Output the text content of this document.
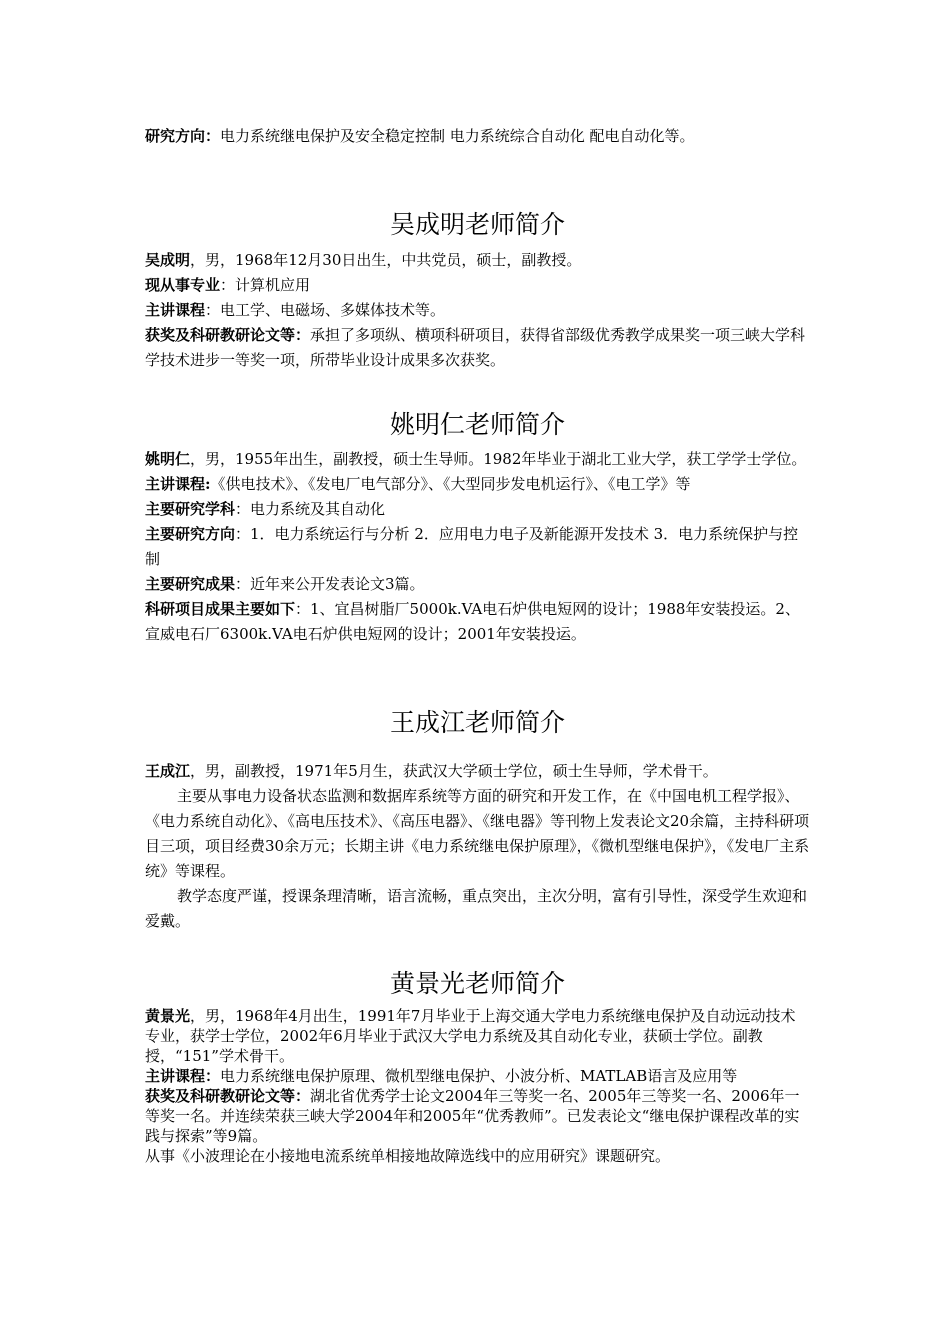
研究方向：电力系统继电保护及安全稳定控制 电力系统综合自动化 配电自动化等。

吴成明老师简介

吴成明，男，1968年12月30日出生，中共党员，硕士，副教授。

现从事专业：计算机应用

主讲课程：电工学、电磁场、多媒体技术等。

获奖及科研教研论文等：承担了多项纵、横项科研项目，获得省部级优秀教学成果奖一项三峡大学科学技术进步一等奖一项，所带毕业设计成果多次获奖。

姚明仁老师简介

姚明仁，男，1955年出生，副教授，硕士生导师。1982年毕业于湖北工业大学，获工学学士学位。

主讲课程:《供电技术》、《发电厂电气部分》、《大型同步发电机运行》、《电工学》等

主要研究学科：电力系统及其自动化

主要研究方向：1．电力系统运行与分析 2．应用电力电子及新能源开发技术 3．电力系统保护与控制

主要研究成果：近年来公开发表论文3篇。

科研项目成果主要如下：1、宜昌树脂厂5000k.VA电石炉供电短网的设计；1988年安装投运。2、宣威电石厂6300k.VA电石炉供电短网的设计；2001年安装投运。

王成江老师简介

王成江，男，副教授，1971年5月生，获武汉大学硕士学位，硕士生导师，学术骨干。

主要从事电力设备状态监测和数据库系统等方面的研究和开发工作，在《中国电机工程学报》、《电力系统自动化》、《高电压技术》、《高压电器》、《继电器》等刊物上发表论文20余篇，主持科研项目三项，项目经费30余万元；长期主讲《电力系统继电保护原理》，《微机型继电保护》，《发电厂主系统》等课程。

教学态度严谨，授课条理清晰，语言流畅，重点突出，主次分明，富有引导性，深受学生欢迎和爱戴。

黄景光老师简介

黄景光，男，1968年4月出生，1991年7月毕业于上海交通大学电力系统继电保护及自动远动技术专业，获学士学位，2002年6月毕业于武汉大学电力系统及其自动化专业，获硕士学位。副教授，“151”学术骨干。

主讲课程：电力系统继电保护原理、微机型继电保护、小波分析、MATLAB语言及应用等

获奖及科研教研论文等：湖北省优秀学士论文2004年三等奖一名、2005年三等奖一名、2006年一等奖一名。并连续荣获三峡大学2004年和2005年“优秀教师”。已发表论文“继电保护课程改革的实践与探索”等9篇。

从事《小波理论在小接地电流系统单相接地故障选线中的应用研究》课题研究。
